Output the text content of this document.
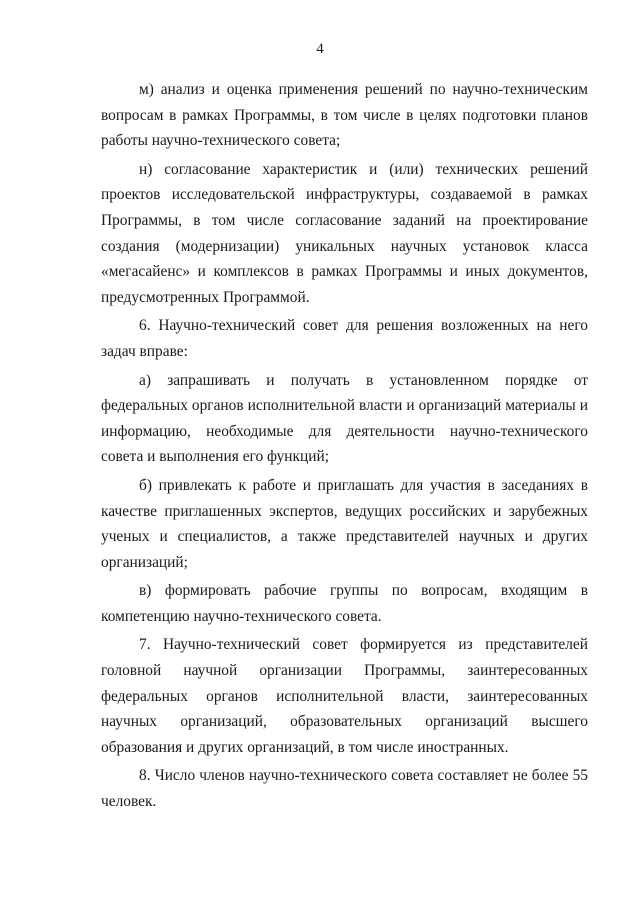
4

м) анализ и оценка применения решений по научно-техническим вопросам в рамках Программы, в том числе в целях подготовки планов работы научно-технического совета;

н) согласование характеристик и (или) технических решений проектов исследовательской инфраструктуры, создаваемой в рамках Программы, в том числе согласование заданий на проектирование создания (модернизации) уникальных научных установок класса «мегасайенс» и комплексов в рамках Программы и иных документов, предусмотренных Программой.

6. Научно-технический совет для решения возложенных на него задач вправе:

а) запрашивать и получать в установленном порядке от федеральных органов исполнительной власти и организаций материалы и информацию, необходимые для деятельности научно-технического совета и выполнения его функций;

б) привлекать к работе и приглашать для участия в заседаниях в качестве приглашенных экспертов, ведущих российских и зарубежных ученых и специалистов, а также представителей научных и других организаций;

в) формировать рабочие группы по вопросам, входящим в компетенцию научно-технического совета.

7. Научно-технический совет формируется из представителей головной научной организации Программы, заинтересованных федеральных органов исполнительной власти, заинтересованных научных организаций, образовательных организаций высшего образования и других организаций, в том числе иностранных.

8. Число членов научно-технического совета составляет не более 55 человек.
